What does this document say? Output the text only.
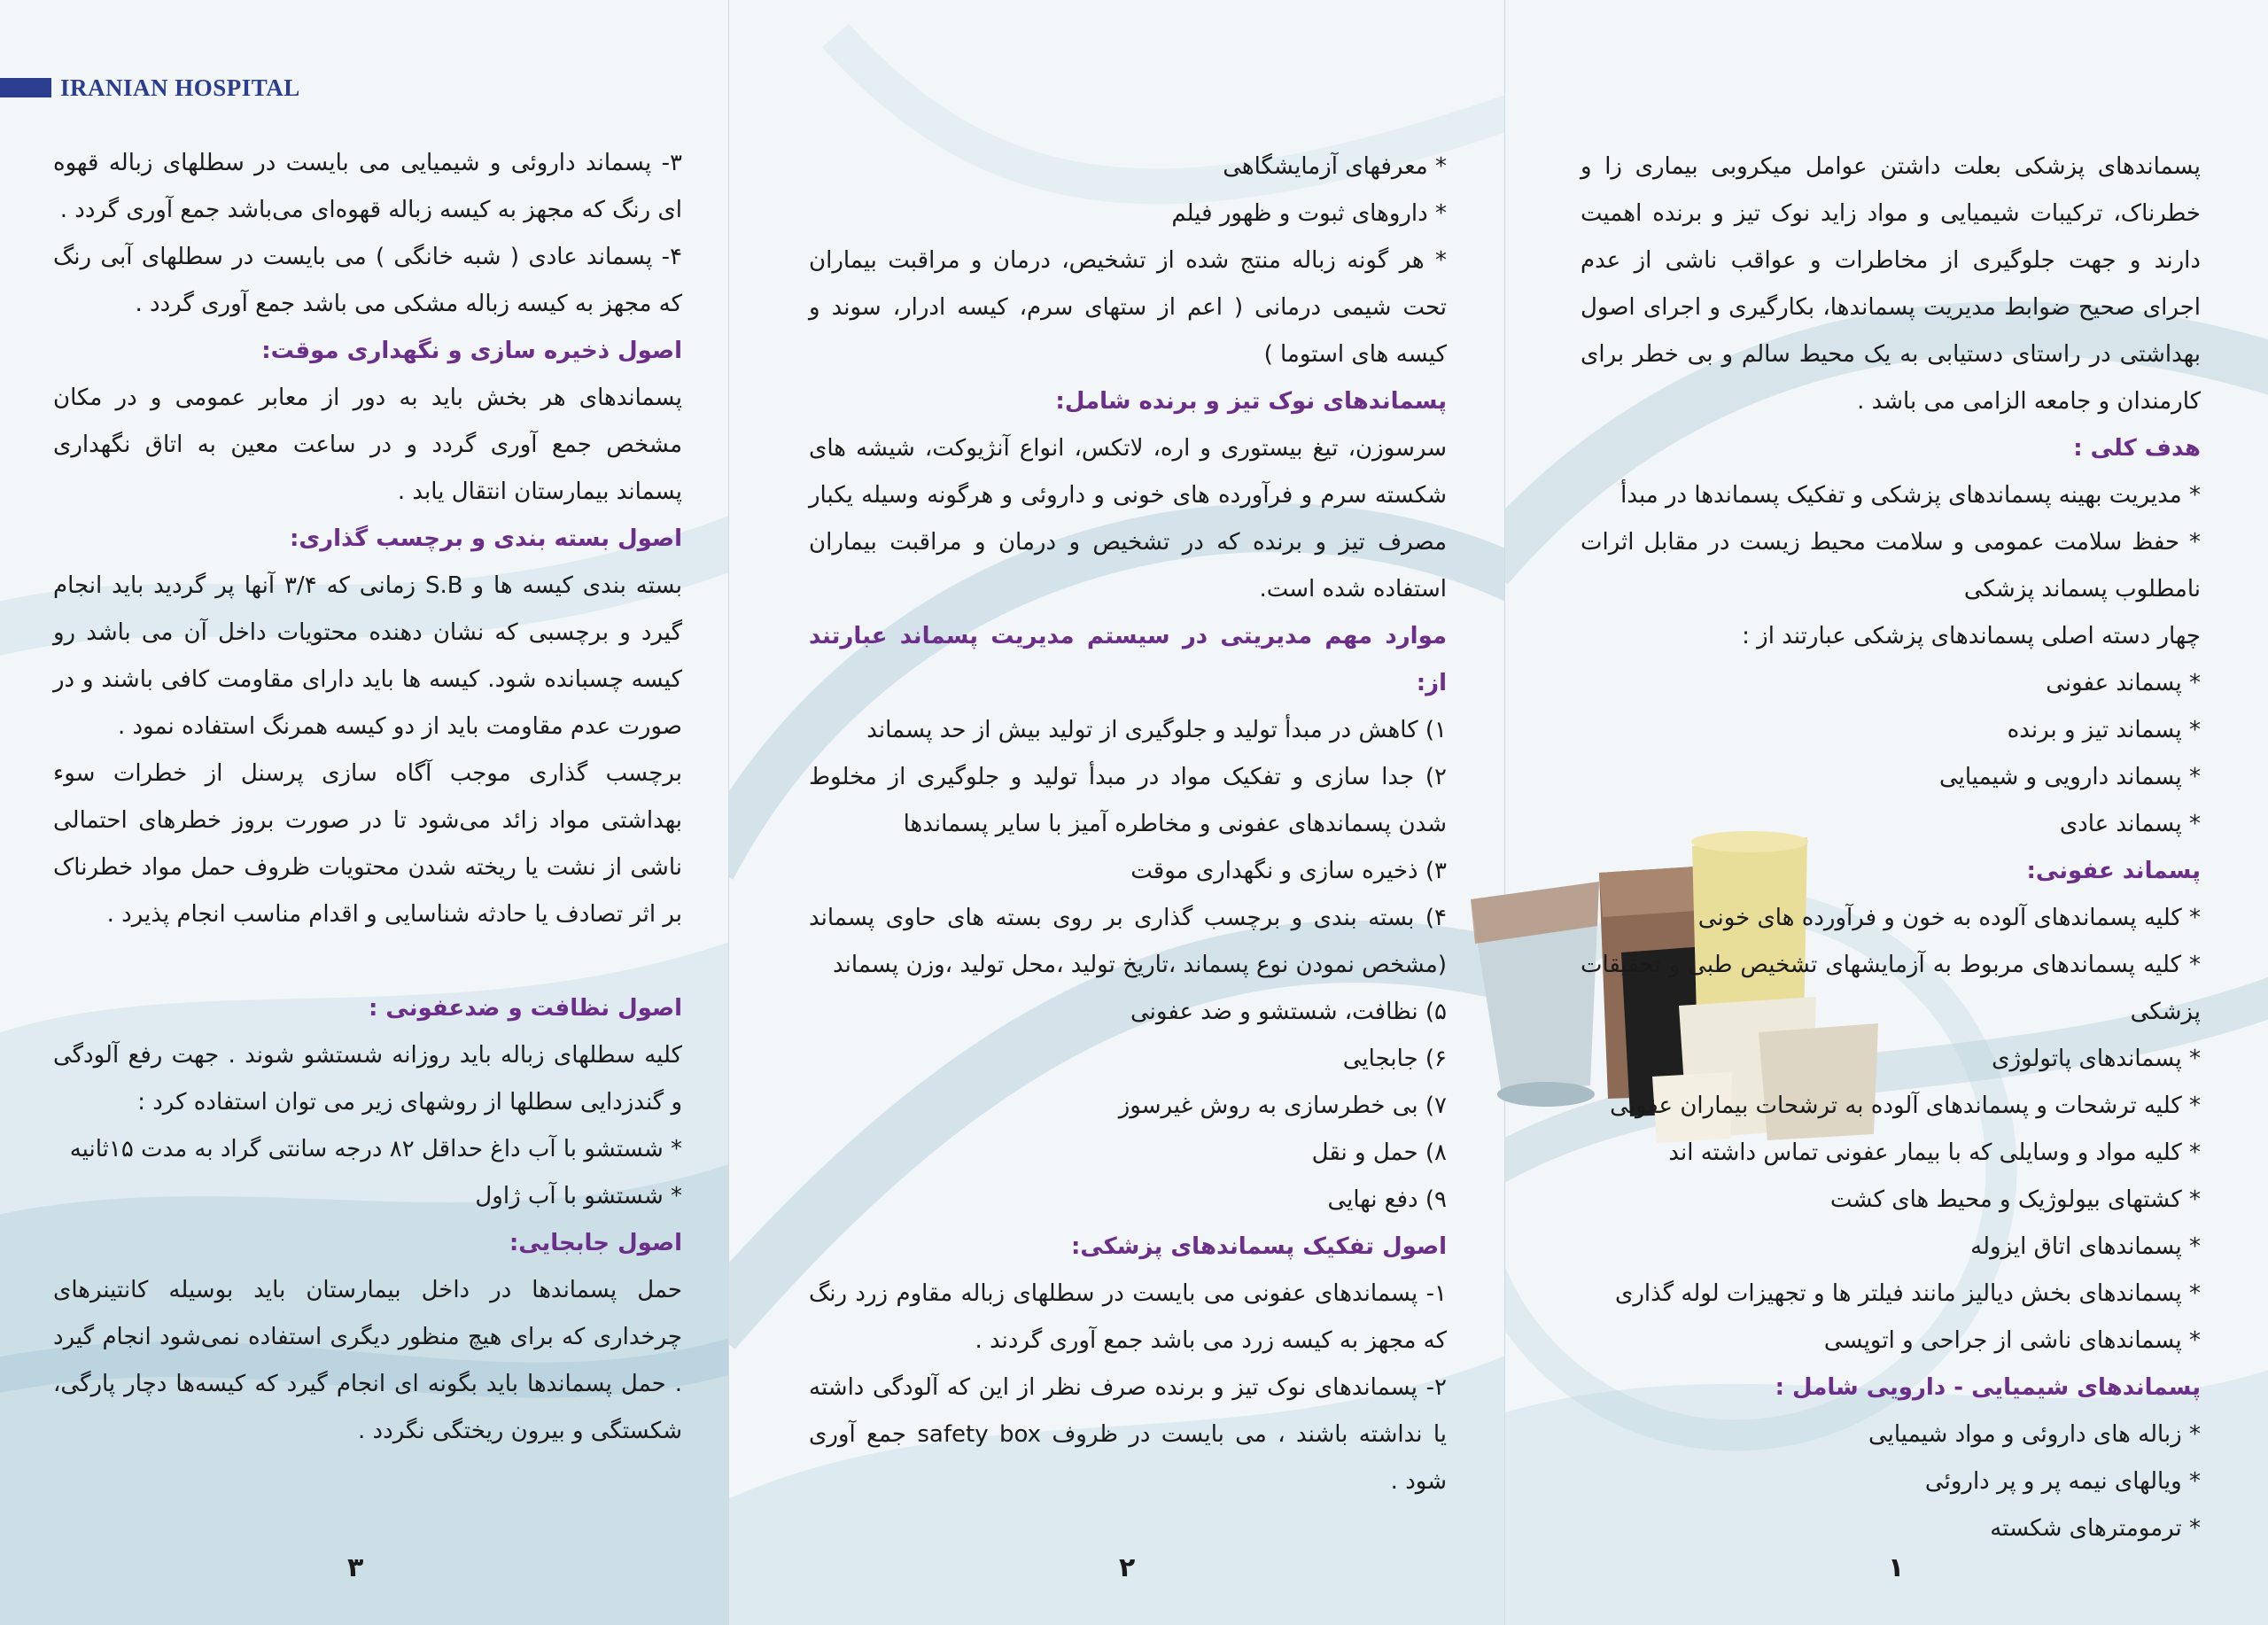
IRANIAN HOSPITAL

۳- پسماند داروئی و شیمیایی می بایست در سطلهای زباله قهوه ای رنگ که مجهز به کیسه زباله قهوه‌ای می‌باشد جمع آوری گردد .

۴- پسماند عادی ( شبه خانگی ) می بایست در سطلهای آبی رنگ که مجهز به کیسه زباله مشکی می باشد جمع آوری گردد .

اصول ذخیره سازی و نگهداری موقت:

پسماندهای هر بخش باید به دور از معابر عمومی و در مکان مشخص جمع آوری گردد و در ساعت معین به اتاق نگهداری پسماند بیمارستان انتقال یابد .

اصول بسته بندی و برچسب گذاری:

بسته بندی کیسه ها و S.B زمانی که ۳/۴ آنها پر گردید باید انجام گیرد و برچسبی که نشان دهنده محتویات داخل آن می باشد رو کیسه چسبانده شود. کیسه ها باید دارای مقاومت کافی باشند و در صورت عدم مقاومت باید از دو کیسه همرنگ استفاده نمود .

برچسب گذاری موجب آگاه سازی پرسنل از خطرات سوء بهداشتی مواد زائد می‌شود تا در صورت بروز خطرهای احتمالی ناشی از نشت یا ریخته شدن محتویات ظروف حمل مواد خطرناک بر اثر تصادف یا حادثه شناسایی و اقدام مناسب انجام پذیرد .

اصول نظافت و ضدعفونی :

کلیه سطلهای زباله باید روزانه شستشو شوند . جهت رفع آلودگی و گندزدایی سطلها از روشهای زیر می توان استفاده کرد :

* شستشو با آب داغ حداقل ۸۲ درجه سانتی گراد به مدت ۱۵ثانیه

* شستشو با آب ژاول

اصول جابجایی:

حمل پسماندها در داخل بیمارستان باید بوسیله کانتینرهای چرخداری که برای هیچ منظور دیگری استفاده نمی‌شود انجام گیرد . حمل پسماندها باید بگونه ای انجام گیرد که کیسه‌ها دچار پارگی، شکستگی و بیرون ریختگی نگردد .

۳

* معرفهای آزمایشگاهی

* داروهای ثبوت و ظهور فیلم

* هر گونه زباله منتج شده از تشخیص، درمان و مراقبت بیماران تحت شیمی درمانی ( اعم از ستهای سرم، کیسه ادرار، سوند و کیسه های استوما )

پسماندهای نوک تیز و برنده شامل:

سرسوزن، تیغ بیستوری و اره، لاتکس، انواع آنژیوکت، شیشه های شکسته سرم و فرآورده های خونی و داروئی و هرگونه وسیله یکبار مصرف تیز و برنده که در تشخیص و درمان و مراقبت بیماران استفاده شده است.

موارد مهم مدیریتی در سیستم مدیریت پسماند عبارتند از:

۱) کاهش در مبدأ تولید و جلوگیری از تولید بیش از حد پسماند

۲) جدا سازی و تفکیک مواد در مبدأ تولید و جلوگیری از مخلوط شدن پسماندهای عفونی و مخاطره آمیز با سایر پسماندها

۳) ذخیره سازی و نگهداری موقت

۴) بسته بندی و برچسب گذاری بر روی بسته های حاوی پسماند (مشخص نمودن نوع پسماند ،تاریخ تولید ،محل تولید ،وزن پسماند

۵) نظافت، شستشو و ضد عفونی

۶) جابجایی

۷) بی خطرسازی به روش غیرسوز

۸) حمل و نقل

۹) دفع نهایی

اصول تفکیک پسماندهای پزشکی:

۱- پسماندهای عفونی می بایست در سطلهای زباله مقاوم زرد رنگ که مجهز به کیسه زرد می باشد جمع آوری گردند .

۲- پسماندهای نوک تیز و برنده صرف نظر از این که آلودگی داشته یا نداشته باشند ، می بایست در ظروف safety box جمع آوری شود .

۲

پسماندهای پزشکی بعلت داشتن عوامل میکروبی بیماری زا و خطرناک، ترکیبات شیمیایی و مواد زاید نوک تیز و برنده اهمیت دارند و جهت جلوگیری از مخاطرات و عواقب ناشی از عدم اجرای صحیح ضوابط مدیریت پسماندها، بکارگیری و اجرای اصول بهداشتی در راستای دستیابی به یک محیط سالم و بی خطر برای کارمندان و جامعه الزامی می باشد .

هدف کلی :

* مدیریت بهینه پسماندهای پزشکی و تفکیک پسماندها در مبدأ

* حفظ سلامت عمومی و سلامت محیط زیست در مقابل اثرات نامطلوب پسماند پزشکی

چهار دسته اصلی پسماندهای پزشکی عبارتند از :

* پسماند عفونی

* پسماند تیز و برنده

* پسماند دارویی و شیمیایی

* پسماند عادی

پسماند عفونی:

* کلیه پسماندهای آلوده به خون و فرآورده های خونی

* کلیه پسماندهای مربوط به آزمایشهای تشخیص طبی و تحقیقات پزشکی

* پسماندهای پاتولوژی

* کلیه ترشحات و پسماندهای آلوده به ترشحات بیماران عفونی

* کلیه مواد و وسایلی که با بیمار عفونی تماس داشته اند

* کشتهای بیولوژیک و محیط های کشت

* پسماندهای اتاق ایزوله

* پسماندهای بخش دیالیز مانند فیلتر ها و تجهیزات لوله گذاری

* پسماندهای ناشی از جراحی و اتوپسی

پسماندهای شیمیایی - دارویی شامل :

* زباله های داروئی و مواد شیمیایی

* ویالهای نیمه پر و پر داروئی

* ترمومترهای شکسته

۱
